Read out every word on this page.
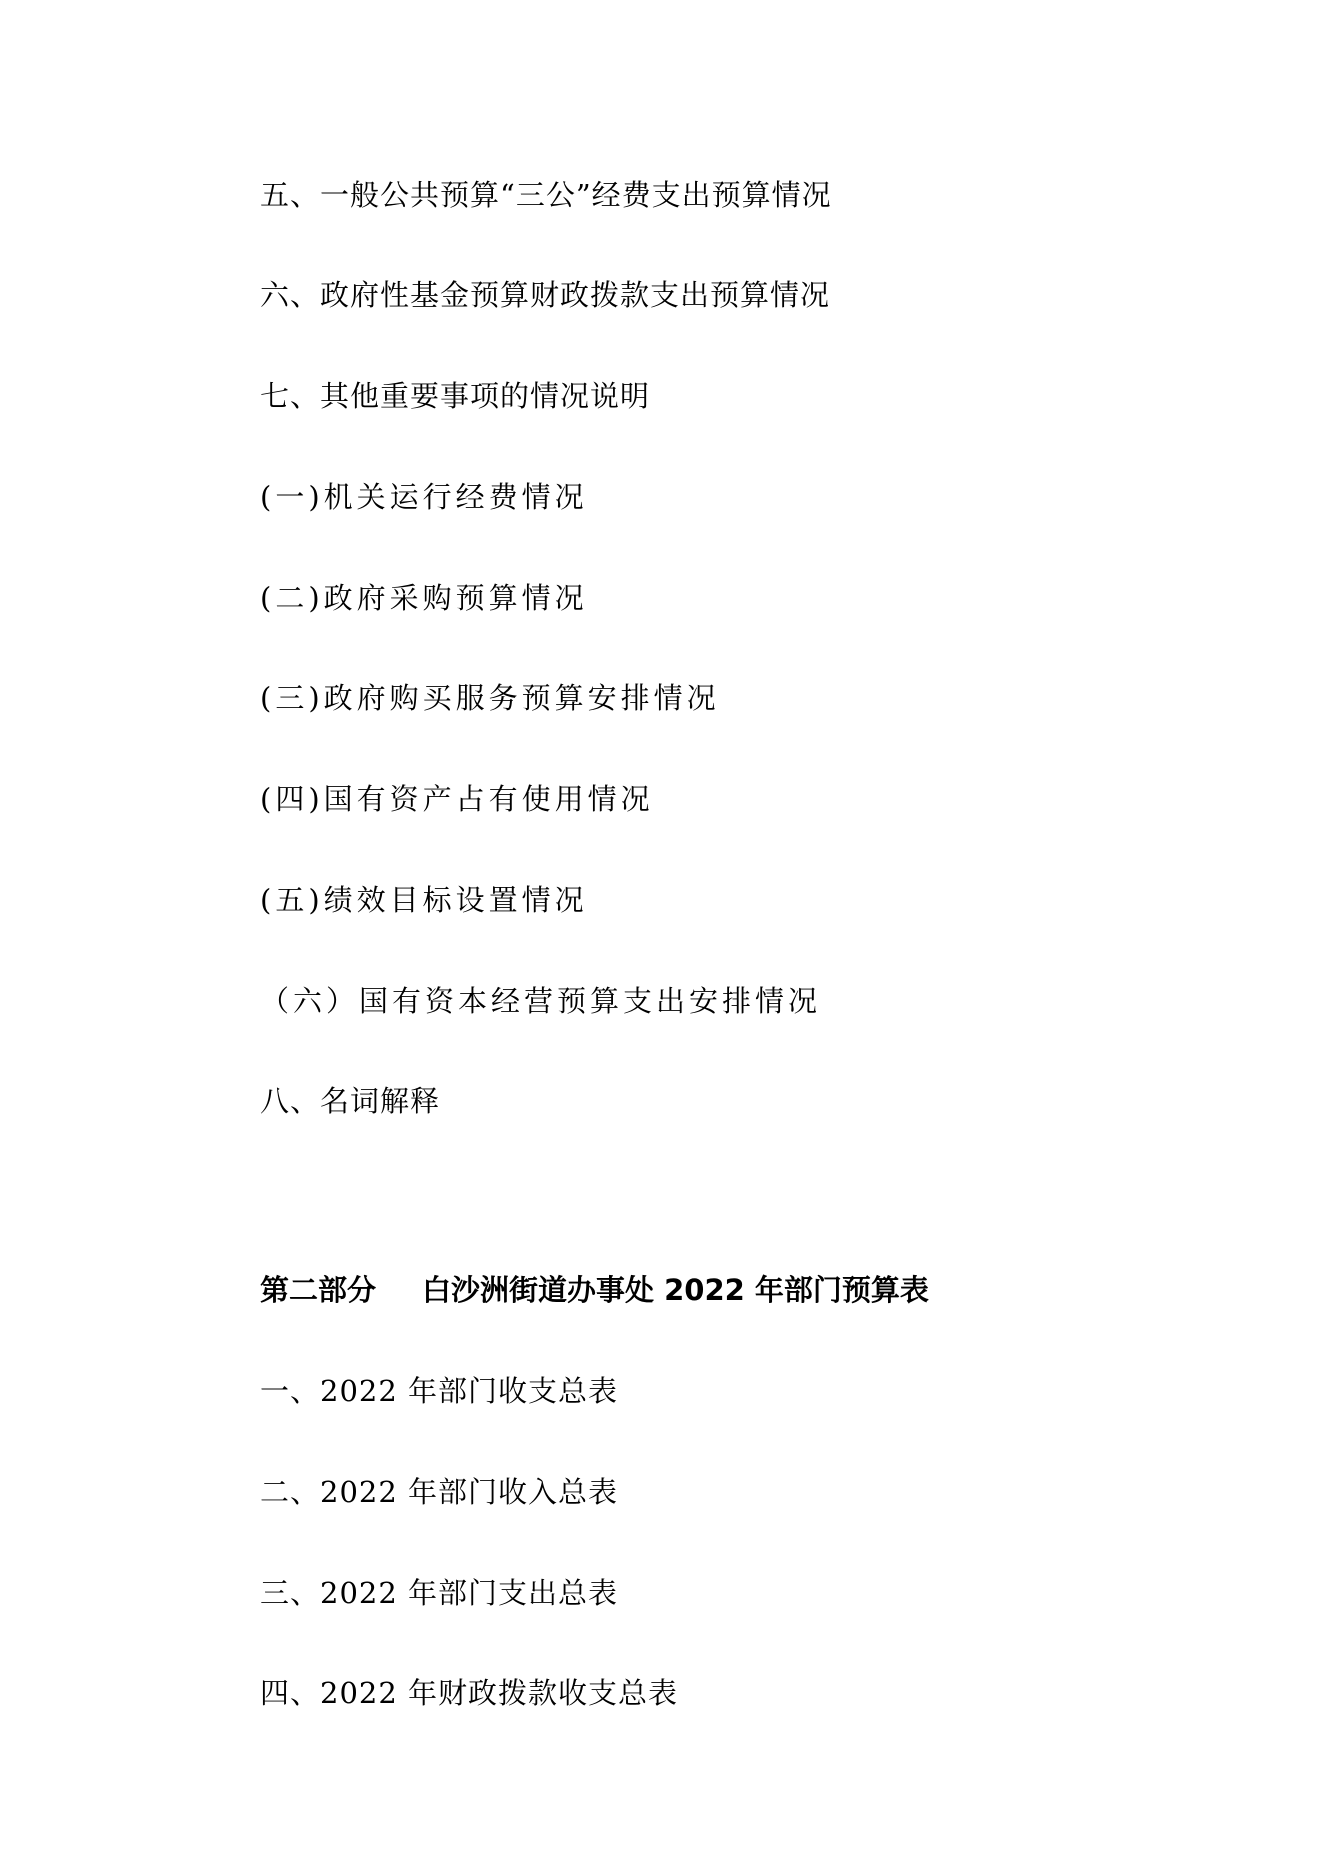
五、一般公共预算“三公”经费支出预算情况
六、政府性基金预算财政拨款支出预算情况
七、其他重要事项的情况说明
(一)机关运行经费情况
(二)政府采购预算情况
(三)政府购买服务预算安排情况
(四)国有资产占有使用情况
(五)绩效目标设置情况
（六）国有资本经营预算支出安排情况
八、名词解释
第二部分 白沙洲街道办事处 2022 年部门预算表
一、2022 年部门收支总表
二、2022 年部门收入总表
三、2022 年部门支出总表
四、2022 年财政拨款收支总表
